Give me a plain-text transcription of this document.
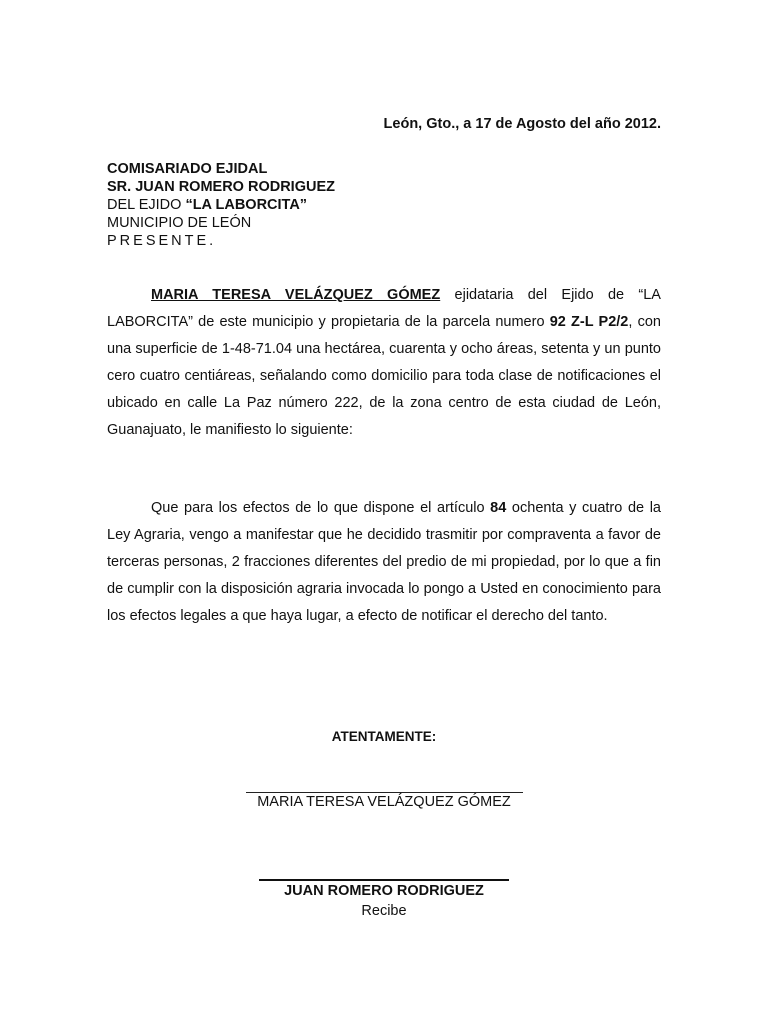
León, Gto., a 17 de Agosto del año 2012.
COMISARIADO EJIDAL
SR. JUAN ROMERO RODRIGUEZ
DEL EJIDO “LA LABORCITA”
MUNICIPIO DE LEÓN
PRESENTE.

MARIA TERESA VELÁZQUEZ GÓMEZ ejidataria del Ejido de “LA LABORCITA” de este municipio y propietaria de la parcela numero 92 Z-L P2/2, con una superficie de 1-48-71.04 una hectárea, cuarenta y ocho áreas, setenta y un punto cero cuatro centiáreas, señalando como domicilio para toda clase de notificaciones el ubicado en calle La Paz número 222, de la zona centro de esta ciudad de León, Guanajuato, le manifiesto lo siguiente:

Que para los efectos de lo que dispone el artículo 84 ochenta y cuatro de la Ley Agraria, vengo a manifestar que he decidido trasmitir por compraventa a favor de terceras personas, 2 fracciones diferentes del predio de mi propiedad, por lo que a fin de cumplir con la disposición agraria invocada lo pongo a Usted en conocimiento para los efectos legales a que haya lugar, a efecto de notificar el derecho del tanto.

ATENTAMENTE:
MARIA TERESA VELÁZQUEZ GÓMEZ
JUAN ROMERO RODRIGUEZ
Recibe
